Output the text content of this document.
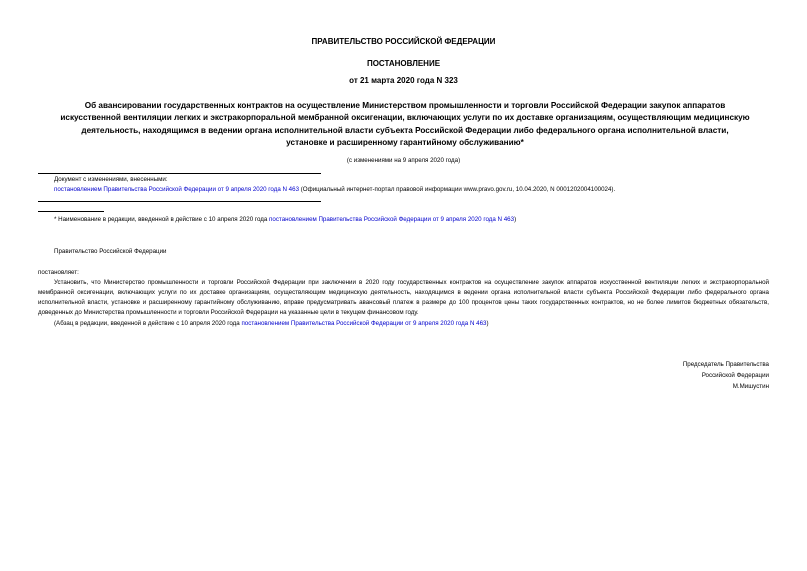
ПРАВИТЕЛЬСТВО РОССИЙСКОЙ ФЕДЕРАЦИИ
ПОСТАНОВЛЕНИЕ
от 21 марта 2020 года N 323
Об авансировании государственных контрактов на осуществление Министерством промышленности и торговли Российской Федерации закупок аппаратов искусственной вентиляции легких и экстракорпоральной мембранной оксигенации, включающих услуги по их доставке организациям, осуществляющим медицинскую деятельность, находящимся в ведении органа исполнительной власти субъекта Российской Федерации либо федерального органа исполнительной власти, установке и расширенному гарантийному обслуживанию*
(с изменениями на 9 апреля 2020 года)
Документ с изменениями, внесенными:
постановлением Правительства Российской Федерации от 9 апреля 2020 года N 463 (Официальный интернет-портал правовой информации www.pravo.gov.ru, 10.04.2020, N 0001202004100024).
* Наименование в редакции, введенной в действие с 10 апреля 2020 года постановлением Правительства Российской Федерации от 9 апреля 2020 года N 463)
Правительство Российской Федерации
постановляет:
Установить, что Министерство промышленности и торговли Российской Федерации при заключении в 2020 году государственных контрактов на осуществление закупок аппаратов искусственной вентиляции легких и экстракорпоральной мембранной оксигенации, включающих услуги по их доставке организациям, осуществляющим медицинскую деятельность, находящимся в ведении органа исполнительной власти субъекта Российской Федерации либо федерального органа исполнительной власти, установке и расширенному гарантийному обслуживанию, вправе предусматривать авансовый платеж в размере до 100 процентов цены таких государственных контрактов, но не более лимитов бюджетных обязательств, доведенных до Министерства промышленности и торговли Российской Федерации на указанные цели в текущем финансовом году.
(Абзац в редакции, введенной в действие с 10 апреля 2020 года постановлением Правительства Российской Федерации от 9 апреля 2020 года N 463)
Председатель Правительства
Российской Федерации
М.Мишустин
